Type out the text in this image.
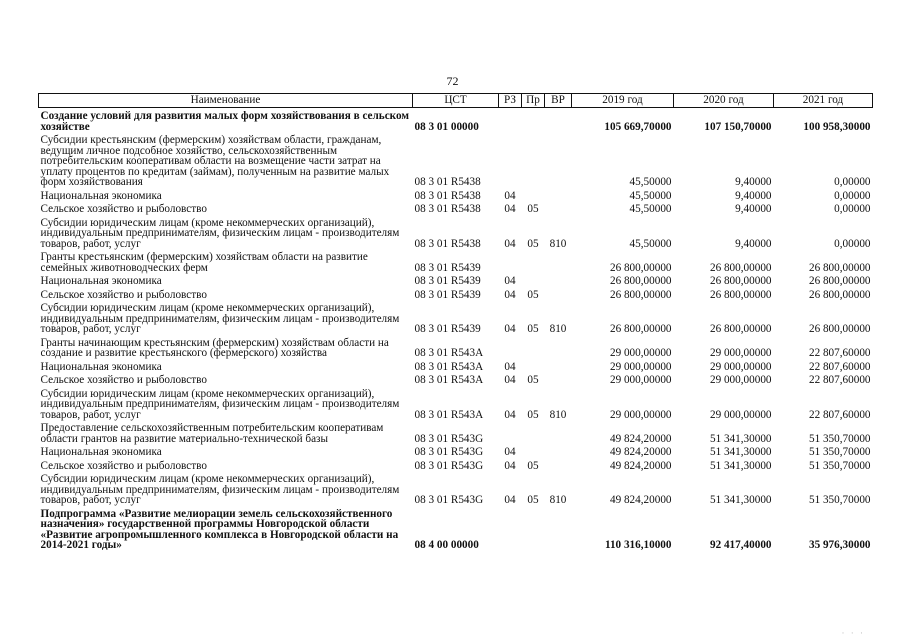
72
Наименование	ЦСТ	РЗ	Пр	ВР	2019 год	2020 год	2021 год
Создание условий для развития малых форм хозяйствования в сельском хозяйстве	08 3 01 00000				105 669,70000	107 150,70000	100 958,30000
Субсидии крестьянским (фермерским) хозяйствам области, гражданам, ведущим личное подсобное хозяйство, сельскохозяйственным потребительским кооперативам области на возмещение части затрат на уплату процентов по кредитам (займам), полученным на развитие малых форм хозяйствования	08 3 01 R5438				45,50000	9,40000	0,00000
Национальная экономика	08 3 01 R5438	04			45,50000	9,40000	0,00000
Сельское хозяйство и рыболовство	08 3 01 R5438	04	05		45,50000	9,40000	0,00000
Субсидии юридическим лицам (кроме некоммерческих организаций), индивидуальным предпринимателям, физическим лицам - производителям товаров, работ, услуг	08 3 01 R5438	04	05	810	45,50000	9,40000	0,00000
Гранты крестьянским (фермерским) хозяйствам области на развитие семейных животноводческих ферм	08 3 01 R5439				26 800,00000	26 800,00000	26 800,00000
Национальная экономика	08 3 01 R5439	04			26 800,00000	26 800,00000	26 800,00000
Сельское хозяйство и рыболовство	08 3 01 R5439	04	05		26 800,00000	26 800,00000	26 800,00000
Субсидии юридическим лицам (кроме некоммерческих организаций), индивидуальным предпринимателям, физическим лицам - производителям товаров, работ, услуг	08 3 01 R5439	04	05	810	26 800,00000	26 800,00000	26 800,00000
Гранты начинающим крестьянским (фермерским) хозяйствам области на создание и развитие крестьянского (фермерского) хозяйства	08 3 01 R543A				29 000,00000	29 000,00000	22 807,60000
Национальная экономика	08 3 01 R543A	04			29 000,00000	29 000,00000	22 807,60000
Сельское хозяйство и рыболовство	08 3 01 R543A	04	05		29 000,00000	29 000,00000	22 807,60000
Субсидии юридическим лицам (кроме некоммерческих организаций), индивидуальным предпринимателям, физическим лицам - производителям товаров, работ, услуг	08 3 01 R543A	04	05	810	29 000,00000	29 000,00000	22 807,60000
Предоставление сельскохозяйственным потребительским кооперативам области грантов на развитие материально-технической базы	08 3 01 R543G				49 824,20000	51 341,30000	51 350,70000
Национальная экономика	08 3 01 R543G	04			49 824,20000	51 341,30000	51 350,70000
Сельское хозяйство и рыболовство	08 3 01 R543G	04	05		49 824,20000	51 341,30000	51 350,70000
Субсидии юридическим лицам (кроме некоммерческих организаций), индивидуальным предпринимателям, физическим лицам - производителям товаров, работ, услуг	08 3 01 R543G	04	05	810	49 824,20000	51 341,30000	51 350,70000
Подпрограмма «Развитие мелиорации земель сельскохозяйственного назначения» государственной программы Новгородской области «Развитие агропромышленного комплекса в Новгородской области на 2014-2021 годы»	08 4 00 00000				110 316,10000	92 417,40000	35 976,30000
· · ·
